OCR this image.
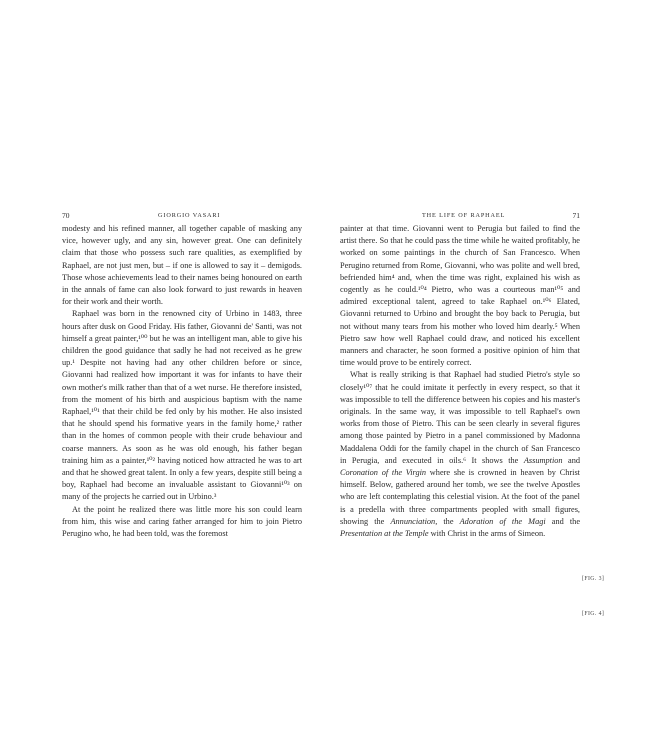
70	GIORGIO VASARI

modesty and his refined manner, all together capable of masking any vice, however ugly, and any sin, however great. One can definitely claim that those who possess such rare qualities, as exemplified by Raphael, are not just men, but – if one is allowed to say it – demigods. Those whose achievements lead to their names being honoured on earth in the annals of fame can also look forward to just rewards in heaven for their work and their worth.

Raphael was born in the renowned city of Urbino in 1483, three hours after dusk on Good Friday. His father, Giovanni de' Santi, was not himself a great painter,¹⁰⁰ but he was an intelligent man, able to give his children the good guidance that sadly he had not received as he grew up.¹ Despite not having had any other children before or since, Giovanni had realized how important it was for infants to have their own mother's milk rather than that of a wet nurse. He therefore insisted, from the moment of his birth and auspicious baptism with the name Raphael,¹⁰¹ that their child be fed only by his mother. He also insisted that he should spend his formative years in the family home,² rather than in the homes of common people with their crude behaviour and coarse manners. As soon as he was old enough, his father began training him as a painter,¹⁰² having noticed how attracted he was to art and that he showed great talent. In only a few years, despite still being a boy, Raphael had become an invaluable assistant to Giovanni¹⁰³ on many of the projects he carried out in Urbino.³

At the point he realized there was little more his son could learn from him, this wise and caring father arranged for him to join Pietro Perugino who, he had been told, was the foremost

THE LIFE OF RAPHAEL	71

painter at that time. Giovanni went to Perugia but failed to find the artist there. So that he could pass the time while he waited profitably, he worked on some paintings in the church of San Francesco. When Perugino returned from Rome, Giovanni, who was polite and well bred, befriended him⁴ and, when the time was right, explained his wish as cogently as he could.¹⁰⁴ Pietro, who was a courteous man¹⁰⁵ and admired exceptional talent, agreed to take Raphael on.¹⁰⁶ Elated, Giovanni returned to Urbino and brought the boy back to Perugia, but not without many tears from his mother who loved him dearly.⁵ When Pietro saw how well Raphael could draw, and noticed his excellent manners and character, he soon formed a positive opinion of him that time would prove to be entirely correct.

What is really striking is that Raphael had studied Pietro's style so closely¹⁰⁷ that he could imitate it perfectly in every respect, so that it was impossible to tell the difference between his copies and his master's originals. In the same way, it was impossible to tell Raphael's own works from those of Pietro. This can be seen clearly in several figures among those painted by Pietro in a panel commissioned by Madonna Maddalena Oddi for the family chapel in the church of San Francesco in Perugia, and executed in oils.⁶ It shows the Assumption and Coronation of the Virgin where she is crowned in heaven by Christ himself. Below, gathered around her tomb, we see the twelve Apostles who are left contemplating this celestial vision. At the foot of the panel is a predella with three compartments peopled with small figures, showing the Annunciation, the Adoration of the Magi and the Presentation at the Temple with Christ in the arms of Simeon.

[FIG. 3]
[FIG. 4]
